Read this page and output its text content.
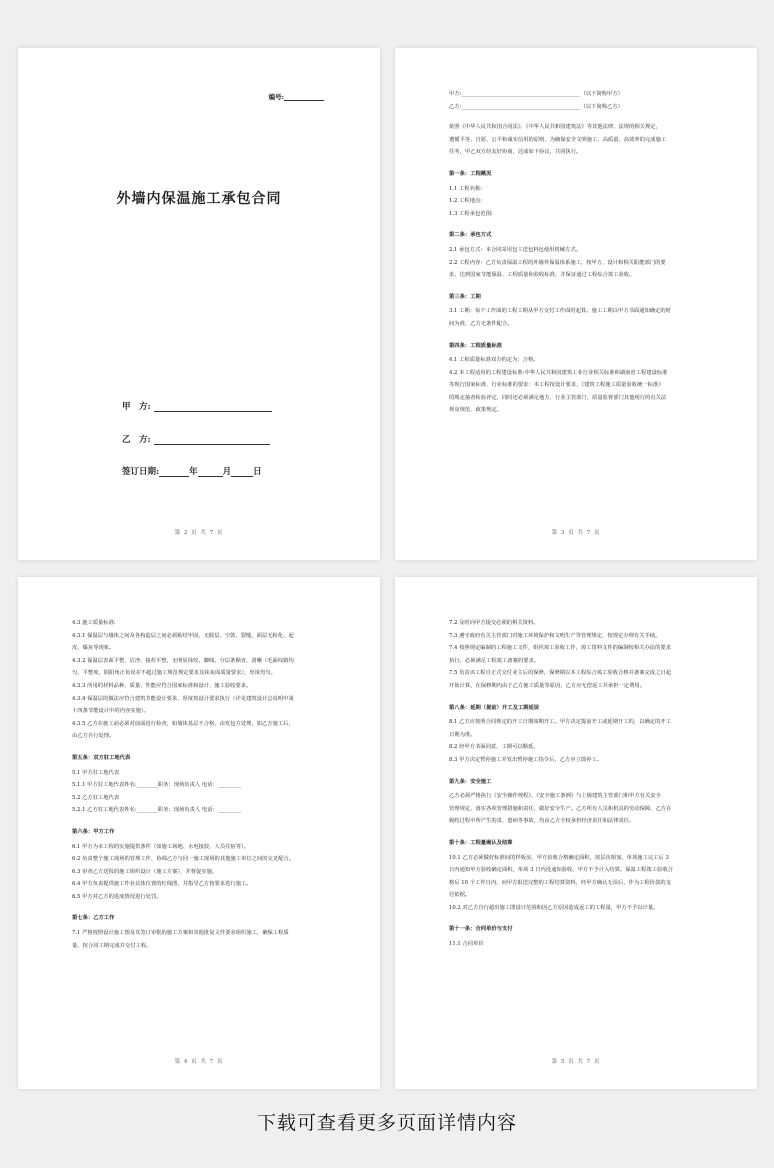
编号:
外墙内保温施工承包合同
甲　方:
乙　方:
签订日期:	年	月	日
第 2 页 共 7 页

甲方:_____________________________________________（以下简称甲方）

乙方:_____________________________________________（以下简称乙方）

依照《中华人民共和国合同法》、《中华人民共和国建筑法》等其他法律、法规的相关规定，

遵循平等、自愿、公平和诚实信用的原则，为确保安全文明施工，高质量、高效率的完成施工

任务，甲乙双方经友好协商，达成如下协议，共同执行。

第一条：工程概况

1.1 工程名称:

1.2 工程地点:

1.3 工程承包范围:

第二条：承包方式

2.1 承包方式：本合同采用包工送包料包使用机械方式。

2.2 工程内容：乙方负责保温工程的外墙外保温体系施工，按甲方、设计和相关职能部门的要

求，达到国家节能保温、工程质量和验收标准，并保证通过工程综合竣工验收。

第三条：工期

3.1 工期：每个工作面的工程工期从甲方交付工作面时起算。施工工期以甲方书面通知确定的时

间为准，乙方无条件配合。

第四条：工程质量标准

4.1 工程质量标准双方约定为：合格。

4.2 本工程适用的工程建设标准:中华人民共和国建筑工业行业相关标准和湖南省工程建设标准

等现行国家标准、行业标准的要求：本工程按设计要求、《建筑工程施工质量验收统一标准》

的规定抽查检验评定，同时还必须满足地方、行业主管部门、质量监督部门其他现行的有关法

规及规范、政策规定。

第 3 页 共 7 页

4.3 施工质量标准:

4.3.1 保温层与墙体之间及各构造层之间必须粘结牢固，无脱层、空鼓、裂缝，面层无粉化、起

皮、爆灰等现象。

4.3.2 保温层表面平整、洁净，接茬平整，无明显抹纹，脚线，分层条顺直，清晰（毛面纹路均

匀，平整度，阴阳角正负误差不超过施工规范规定要求及抹灰面质量要求），厚度均匀。

4.3.3 所用的材料品种、质量、性能应符合国家标准和设计、施工验收要求。

4.3.4 保温层的做法应符合建筑节能设计要求，厚度按设计要求执行（详见建筑设计总说明中第

十四条节能设计中的内容实施）。

4.3.5 乙方在施工前必须对前面进行检查，如墙体基层不合格，由发包方处理，如乙方施工后，

由乙方自行处理。

第五条：双方驻工地代表

5.1 甲方驻工地代表

5.1.1 甲方驻工地代表姓名:________职务：现场负责人 电话：_________

5.2 乙方驻工地代表

5.2.1 乙方驻工地代表姓名:________职务：现场负责人 电话：_________

第六条：甲方工作

6.1 甲方为本工程的实施提供条件（如施工场地、水电接驳、人员住宿等）。

6.2 负责整个施工现场的管理工作，协调乙方与同一施工现场的其他施工单位之间的交叉配合。

6.3 审查乙方送报的施工组织设计（施工方案），并督促实施。

6.4 甲方负责提供施工作业具体位置的红线图，并指导乙方按要求进行施工。

6.5 甲方对乙方的进度情况进行处罚。

第七条：乙方工作

7.1 严格按照设计施工图及其签订审批的施工方案和其他批复文件要求组织施工，确保工程质

量，按合同工期完成并交付工程。

第 4 页 共 7 页

7.2 及时向甲方提交必须的相关资料。

7.3 遵守政府有关主管部门对施工环境保护和文明生产等管理规定，按规定办理有关手续。

7.4 按照规定编制的工程施工文件，组织竣工验收工作，竣工资料文件的编制按相关办法的要求

执行，必须满足工程竣工备案的要求。

7.5 负责该工程自正式交付业主后的保修，保修期以本工程综合竣工验收合格并备案完成之日起

开始计算，在保修期内由于乙方施工质量等原因，乙方应无偿返工并承担一定费用。

第八条：延期（提前）开工及工期延误

8.1 乙方应按照合同规定的开工日期如期开工。甲方决定提前开工或延期开工的，以确定的开工

日期为准。

8.2 经甲方书面同意，工期可以顺延。

8.3 甲方决定暂停施工并发出暂停施工指令后，乙方应立即停工。

第九条：安全施工

乙方必须严格执行《安全操作规程》、《安全施工条例》与上级建筑主管部门和甲方有关安全

管理规定，落实各项管理措施和责任，做好安全生产。乙方所有人员和机具的劳动保障，乙方在

履约过程中所产生的责、患病等事故，均由乙方全权承担经济责任和法律责任。

第十条：工程量确认及结算

10.1 乙方必须做好标准间的样板房，甲方验收合格确定面积，按层次相加，单项施工完工后 3

日内通知甲方验收确定面积，单项 3 日内没通知验收，甲方不予计入结算。保温工程竣工验收合

格后 10 个工作日内，向甲方报送完整的工程结算资料，经甲方确认无误后，作为工程价款的支

付依据。

10.2 对乙方自行超出施工图设计范围和因乙方原因造成返工的工程量，甲方不予以计量。

第十一条：合同单价与支付

11.1 合同单价

第 5 页 共 7 页
下载可查看更多页面详情内容
